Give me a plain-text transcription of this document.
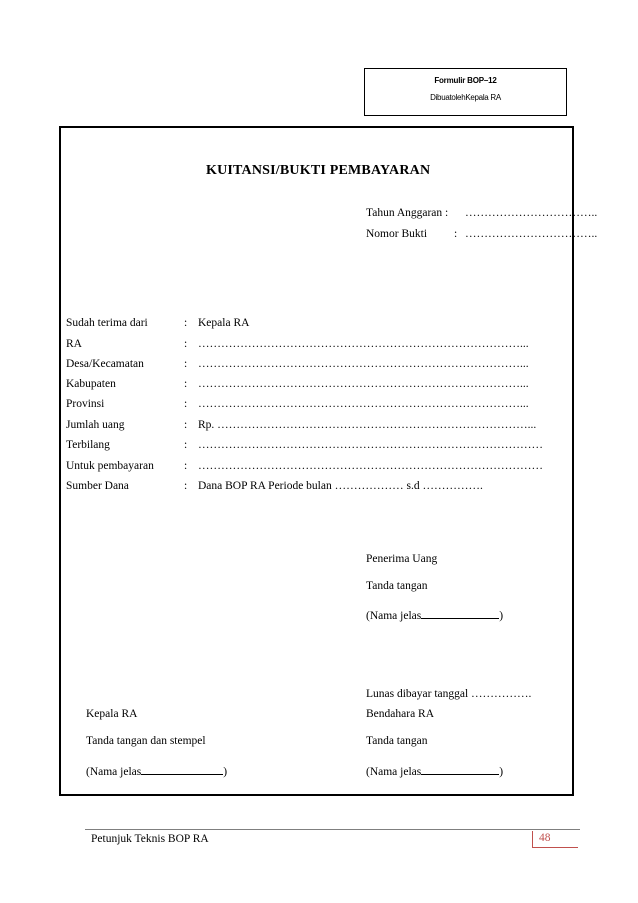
Formulir BOP–12
DibuatolehKepala RA
KUITANSI/BUKTI PEMBAYARAN
Tahun Anggaran : ……………………………..
Nomor Bukti : ……………………………..
Sudah terima dari	: Kepala RA
RA	: …………………………………………………………………………...
Desa/Kecamatan	: …………………………………………………………………………...
Kabupaten	: …………………………………………………………………………...
Provinsi	: …………………………………………………………………………...
Jumlah uang	: Rp. ………………………………………………………………………...
Terbilang	: ………………………………………………………………………………
Untuk pembayaran	: ………………………………………………………………………………
Sumber Dana	: Dana BOP RA Periode bulan ……………… s.d …………….
Penerima Uang
Tanda tangan
(Nama jelas	)
Lunas dibayar tanggal …………….
Kepala RA
Tanda tangan dan stempel
(Nama jelas	)
Bendahara RA
Tanda tangan
(Nama jelas	)
Petunjuk Teknis BOP RA	48
